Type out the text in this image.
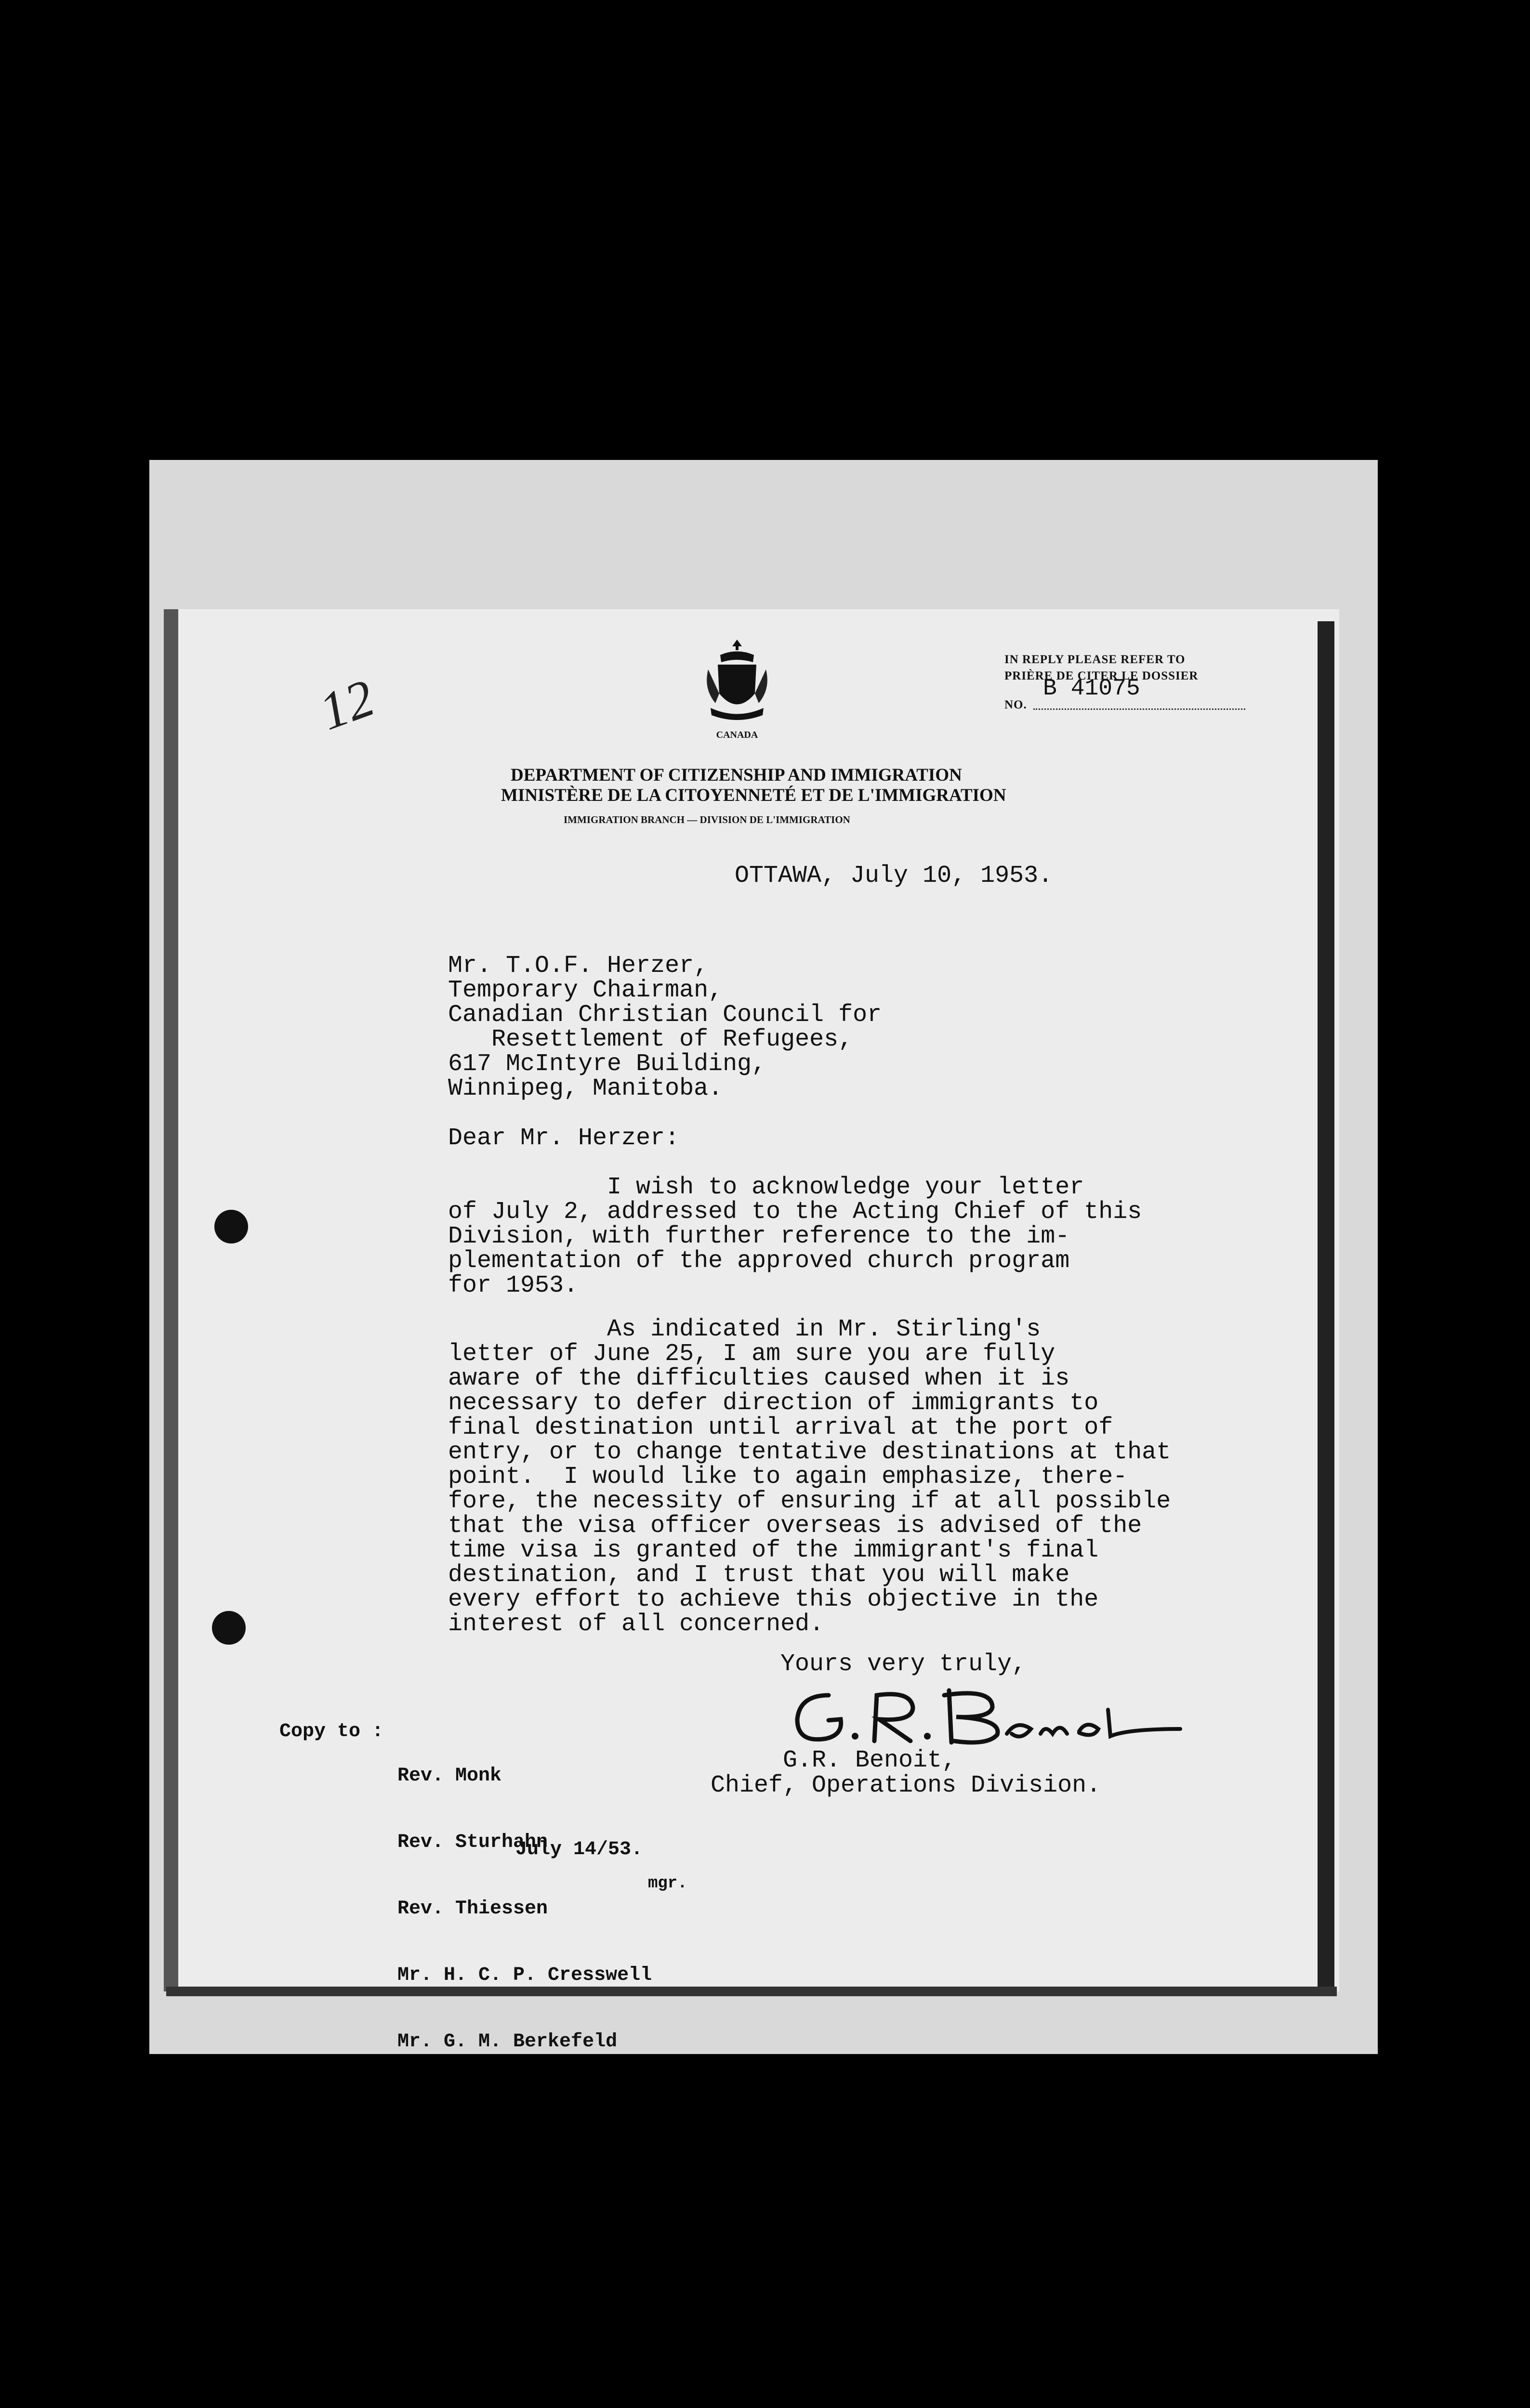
12	CANADA
DEPARTMENT OF CITIZENSHIP AND IMMIGRATION
MINISTÈRE DE LA CITOYENNETÉ ET DE L'IMMIGRATION
IMMIGRATION BRANCH — DIVISION DE L'IMMIGRATION
IN REPLY PLEASE REFER TO
PRIÈRE DE CITER LE DOSSIER
NO.
B 41075

OTTAWA, July 10, 1953.

Mr. T.O.F. Herzer,

Temporary Chairman,

Canadian Christian Council for

Resettlement of Refugees,

617 McIntyre Building,

Winnipeg, Manitoba.

Dear Mr. Herzer:

I wish to acknowledge your letter

of July 2, addressed to the Acting Chief of this

Division, with further reference to the im-

plementation of the approved church program

for 1953.

As indicated in Mr. Stirling's

letter of June 25, I am sure you are fully

aware of the difficulties caused when it is

necessary to defer direction of immigrants to

final destination until arrival at the port of

entry, or to change tentative destinations at that

point.  I would like to again emphasize, there-

fore, the necessity of ensuring if at all possible

that the visa officer overseas is advised of the

time visa is granted of the immigrant's final

destination, and I trust that you will make

every effort to achieve this objective in the

interest of all concerned.

Yours very truly,

G.R. Benoit,

Chief, Operations Division.

Copy to :

Rev. Monk

Rev. Sturhahn

Rev. Thiessen

Mr. H. C. P. Cresswell

Mr. G. M. Berkefeld

July 14/53.
mgr.
